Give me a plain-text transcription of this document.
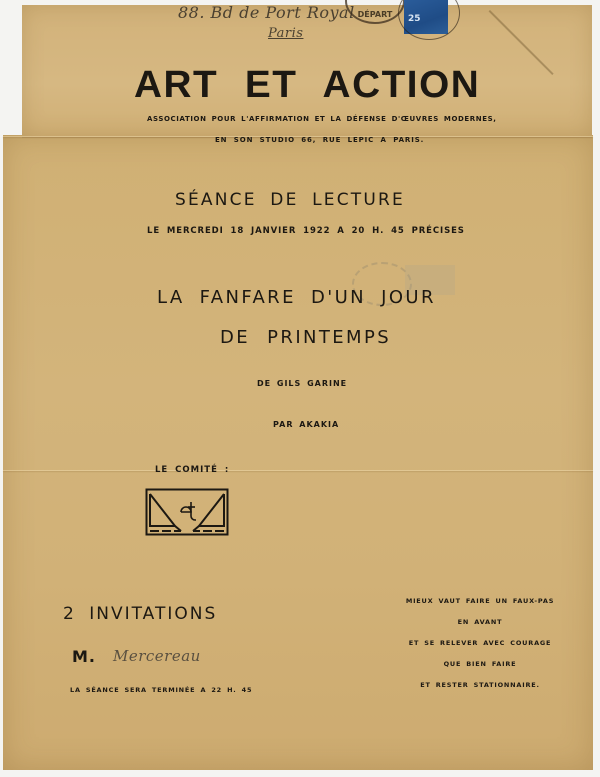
88. Bd de Port Royal
Paris
DÉPART	25
ART ET ACTION
ASSOCIATION POUR L'AFFIRMATION ET LA DÉFENSE D'ŒUVRES MODERNES,
EN SON STUDIO 66, RUE LEPIC A PARIS.
SÉANCE DE LECTURE
LE MERCREDI 18 JANVIER 1922 A 20 H. 45 PRÉCISES
LA FANFARE D'UN JOUR
DE PRINTEMPS
DE GILS GARINE
PAR AKAKIA
LE COMITÉ :
2 INVITATIONS
M. Mercereau
LA SÉANCE SERA TERMINÉE A 22 H. 45
MIEUX VAUT FAIRE UN FAUX-PAS
EN AVANT
ET SE RELEVER AVEC COURAGE
QUE BIEN FAIRE
ET RESTER STATIONNAIRE.
